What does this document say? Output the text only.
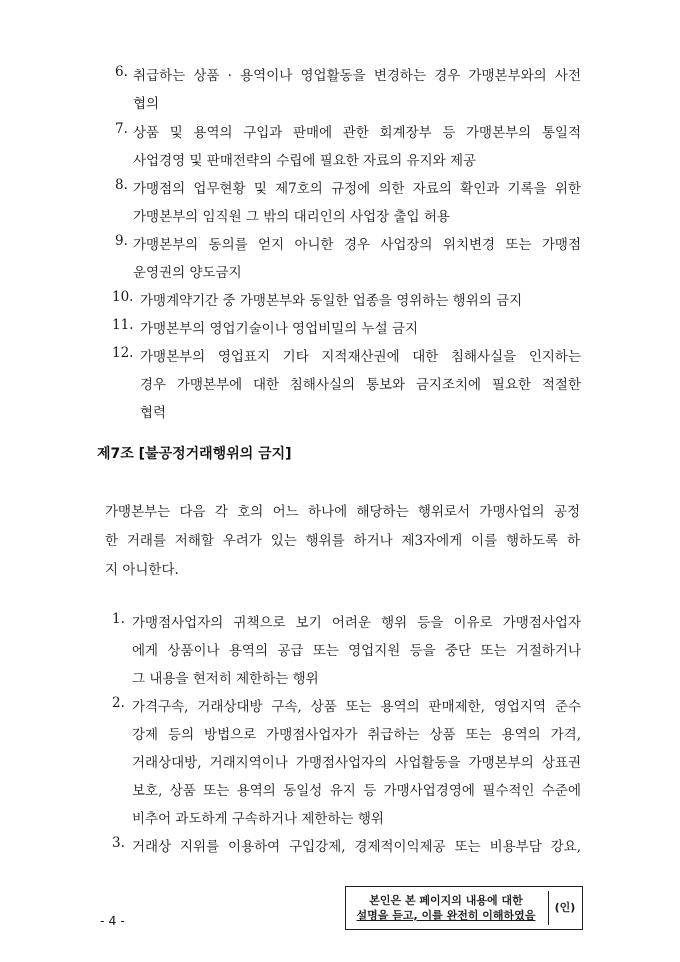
6. 취급하는 상품 · 용역이나 영업활동을 변경하는 경우 가맹본부와의 사전
협의
7. 상품 및 용역의 구입과 판매에 관한 회계장부 등 가맹본부의 통일적
사업경영 및 판매전략의 수립에 필요한 자료의 유지와 제공
8. 가맹점의 업무현황 및 제7호의 규정에 의한 자료의 확인과 기록을 위한
가맹본부의 임직원 그 밖의 대리인의 사업장 출입 허용
9. 가맹본부의 동의를 얻지 아니한 경우 사업장의 위치변경 또는 가맹점
운영권의 양도금지
10. 가맹계약기간 중 가맹본부와 동일한 업종을 영위하는 행위의 금지
11. 가맹본부의 영업기술이나 영업비밀의 누설 금지
12. 가맹본부의 영업표지 기타 지적재산권에 대한 침해사실을 인지하는
경우 가맹본부에 대한 침해사실의 통보와 금지조치에 필요한 적절한
협력
제7조 [불공정거래행위의 금지]
가맹본부는 다음 각 호의 어느 하나에 해당하는 행위로서 가맹사업의 공정
한 거래를 저해할 우려가 있는 행위를 하거나 제3자에게 이를 행하도록 하
지 아니한다.
1. 가맹점사업자의 귀책으로 보기 어려운 행위 등을 이유로 가맹점사업자
에게 상품이나 용역의 공급 또는 영업지원 등을 중단 또는 거절하거나
그 내용을 현저히 제한하는 행위
2. 가격구속, 거래상대방 구속, 상품 또는 용역의 판매제한, 영업지역 준수
강제 등의 방법으로 가맹점사업자가 취급하는 상품 또는 용역의 가격,
거래상대방, 거래지역이나 가맹점사업자의 사업활동을 가맹본부의 상표권
보호, 상품 또는 용역의 동일성 유지 등 가맹사업경영에 필수적인 수준에
비추어 과도하게 구속하거나 제한하는 행위
3. 거래상 지위를 이용하여 구입강제, 경제적이익제공 또는 비용부담 강요,
- 4 -
본인은 본 페이지의 내용에 대한
설명을 듣고, 이를 완전히 이해하였음
(인)
